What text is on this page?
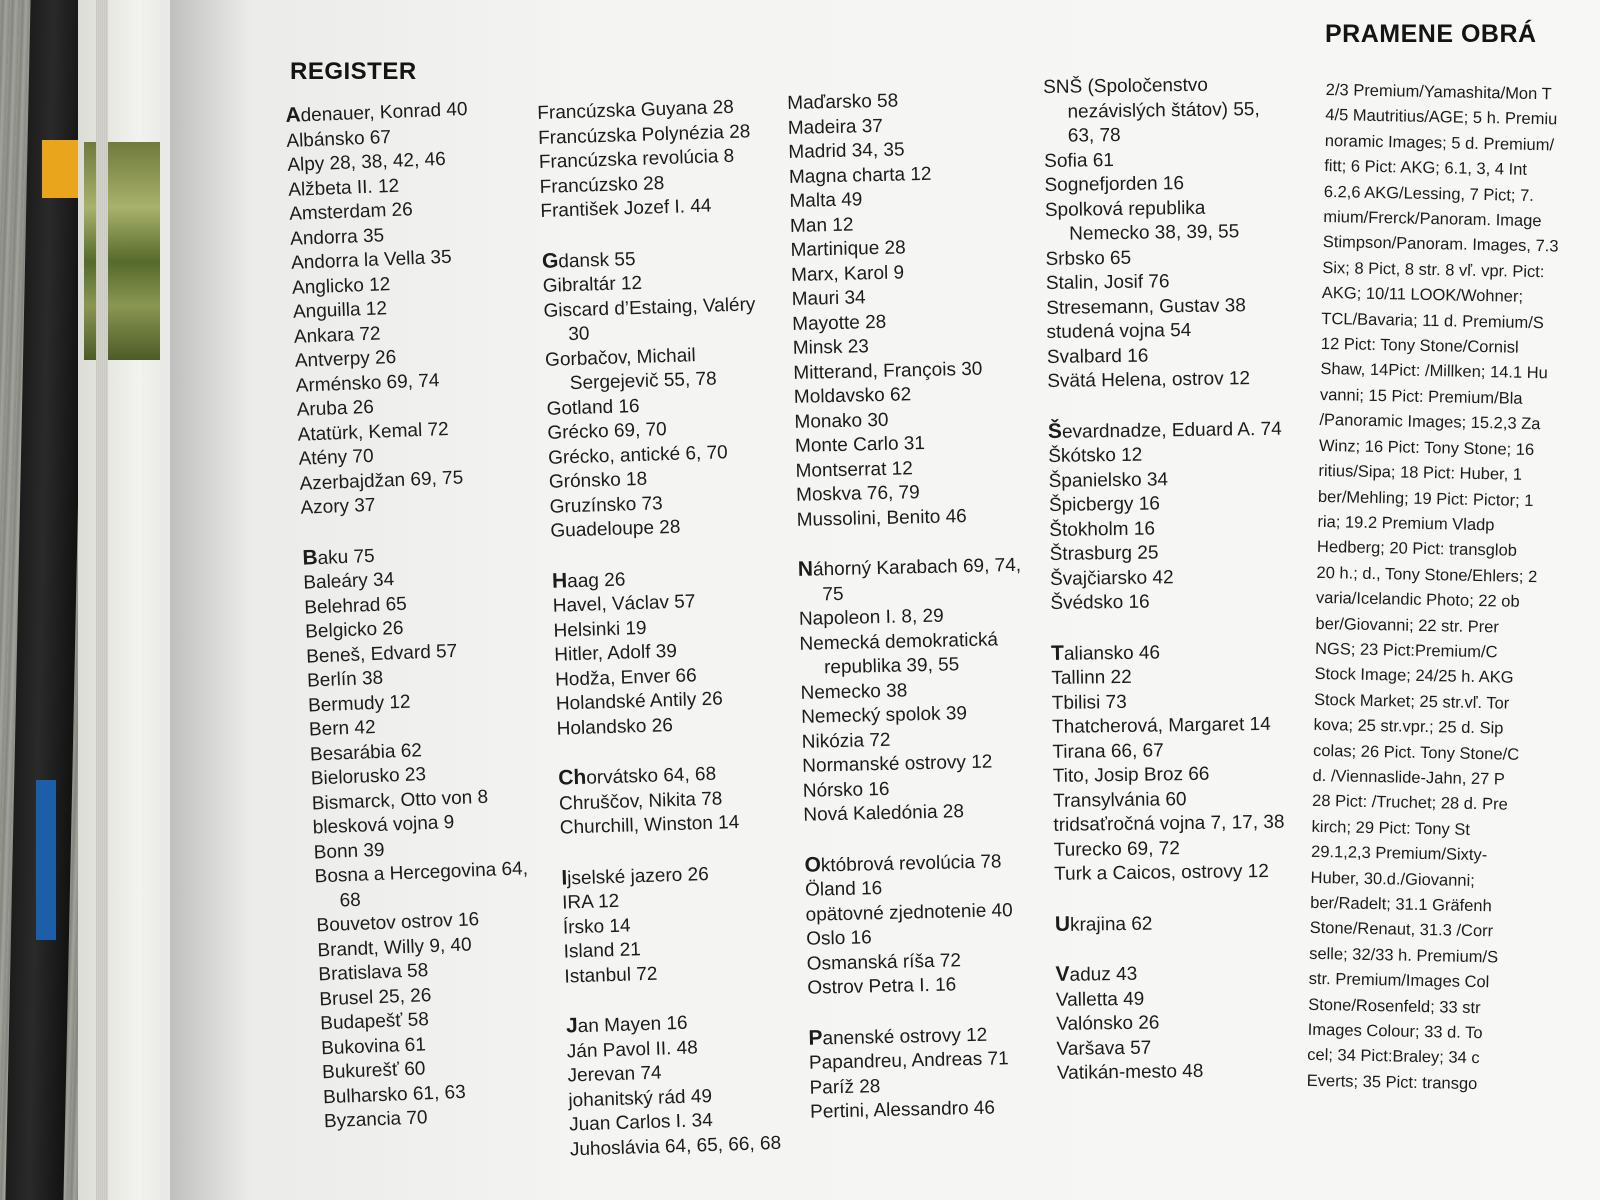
REGISTER
PRAMENE OBRÁ
Adenauer, Konrad 40
Albánsko 67
Alpy 28, 38, 42, 46
Alžbeta II. 12
Amsterdam 26
Andorra 35
Andorra la Vella 35
Anglicko 12
Anguilla 12
Ankara 72
Antverpy 26
Arménsko 69, 74
Aruba 26
Atatürk, Kemal 72
Atény 70
Azerbajdžan 69, 75
Azory 37
Baku 75
Baleáry 34
Belehrad 65
Belgicko 26
Beneš, Edvard 57
Berlín 38
Bermudy 12
Bern 42
Besarábia 62
Bielorusko 23
Bismarck, Otto von 8
blesková vojna 9
Bonn 39
Bosna a Hercegovina 64, 68
Bouvetov ostrov 16
Brandt, Willy 9, 40
Bratislava 58
Brusel 25, 26
Budapešť 58
Bukovina 61
Bukurešť 60
Bulharsko 61, 63
Byzancia 70
Francúzska Guyana 28
Francúzska Polynézia 28
Francúzska revolúcia 8
Francúzsko 28
František Jozef I. 44
Gdansk 55
Gibraltár 12
Giscard d’Estaing, Valéry 30
Gorbačov, Michail Sergejevič 55, 78
Gotland 16
Grécko 69, 70
Grécko, antické 6, 70
Grónsko 18
Gruzínsko 73
Guadeloupe 28
Haag 26
Havel, Václav 57
Helsinki 19
Hitler, Adolf 39
Hodža, Enver 66
Holandské Antily 26
Holandsko 26
Chorvátsko 64, 68
Chruščov, Nikita 78
Churchill, Winston 14
Ijselské jazero 26
IRA 12
Írsko 14
Island 21
Istanbul 72
Jan Mayen 16
Ján Pavol II. 48
Jerevan 74
johanitský rád 49
Juan Carlos I. 34
Juhoslávia 64, 65, 66, 68
Maďarsko 58
Madeira 37
Madrid 34, 35
Magna charta 12
Malta 49
Man 12
Martinique 28
Marx, Karol 9
Mauri 34
Mayotte 28
Minsk 23
Mitterand, François 30
Moldavsko 62
Monako 30
Monte Carlo 31
Montserrat 12
Moskva 76, 79
Mussolini, Benito 46
Náhorný Karabach 69, 74, 75
Napoleon I. 8, 29
Nemecká demokratická republika 39, 55
Nemecko 38
Nemecký spolok 39
Nikózia 72
Normanské ostrovy 12
Nórsko 16
Nová Kaledónia 28
Októbrová revolúcia 78
Öland 16
opätovné zjednotenie 40
Oslo 16
Osmanská ríša 72
Ostrov Petra I. 16
Panenské ostrovy 12
Papandreu, Andreas 71
Paríž 28
Pertini, Alessandro 46
SNŠ (Spoločenstvo nezávislých štátov) 55, 63, 78
Sofia 61
Sognefjorden 16
Spolková republika Nemecko 38, 39, 55
Srbsko 65
Stalin, Josif 76
Stresemann, Gustav 38
studená vojna 54
Svalbard 16
Svätá Helena, ostrov 12
Ševardnadze, Eduard A. 74
Škótsko 12
Španielsko 34
Špicbergy 16
Štokholm 16
Štrasburg 25
Švajčiarsko 42
Švédsko 16
Taliansko 46
Tallinn 22
Tbilisi 73
Thatcherová, Margaret 14
Tirana 66, 67
Tito, Josip Broz 66
Transylvánia 60
tridsaťročná vojna 7, 17, 38
Turecko 69, 72
Turk a Caicos, ostrovy 12
Ukrajina 62
Vaduz 43
Valletta 49
Valónsko 26
Varšava 57
Vatikán-mesto 48
2/3 Premium/Yamashita/Mon T
4/5 Mautritius/AGE; 5 h. Premiu
noramic Images; 5 d. Premium/
fitt; 6 Pict: AKG; 6.1, 3, 4 Int
6.2,6 AKG/Lessing, 7 Pict; 7.
mium/Frerck/Panoram. Image
Stimpson/Panoram. Images, 7.3
Six; 8 Pict, 8 str. 8 vľ. vpr. Pict:
AKG; 10/11 LOOK/Wohner;
TCL/Bavaria; 11 d. Premium/S
12 Pict: Tony Stone/Cornisl
Shaw, 14Pict: /Millken; 14.1 Hu
vanni; 15 Pict: Premium/Bla
/Panoramic Images; 15.2,3 Za
Winz; 16 Pict: Tony Stone; 16
ritius/Sipa; 18 Pict: Huber, 1
ber/Mehling; 19 Pict: Pictor; 1
ria; 19.2 Premium Vladp
Hedberg; 20 Pict: transglob
20 h.; d., Tony Stone/Ehlers; 2
varia/Icelandic Photo; 22 ob
ber/Giovanni; 22 str. Prer
NGS; 23 Pict:Premium/C
Stock Image; 24/25 h. AKG
Stock Market; 25 str.vľ. Tor
kova; 25 str.vpr.; 25 d. Sip
colas; 26 Pict. Tony Stone/C
d. /Viennaslide-Jahn, 27 P
28 Pict: /Truchet; 28 d. Pre
kirch; 29 Pict: Tony St
29.1,2,3 Premium/Sixty-
Huber, 30.d./Giovanni;
ber/Radelt; 31.1 Gräfenh
Stone/Renaut, 31.3 /Corr
selle; 32/33 h. Premium/S
str. Premium/Images Col
Stone/Rosenfeld; 33 str
Images Colour; 33 d. To
cel; 34 Pict:Braley; 34 c
Everts; 35 Pict: transgo
